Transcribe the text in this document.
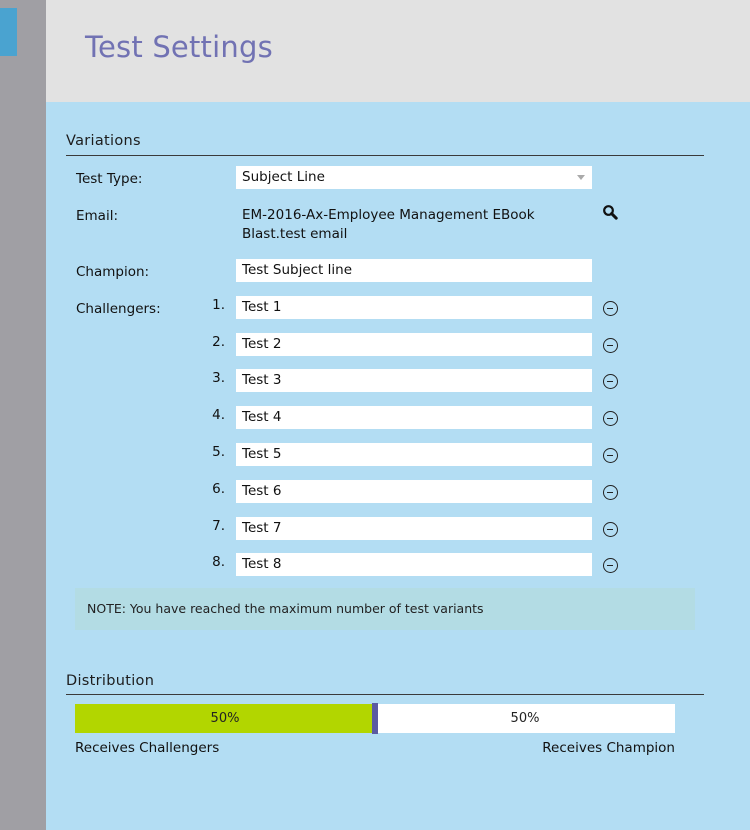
Test Settings
Variations
Test Type:	Subject Line
Email:	EM-2016-Ax-Employee Management EBook Blast.test email
Champion:	Test Subject line
Challengers:	1.	Test 1
2.	Test 2
3.	Test 3
4.	Test 4
5.	Test 5
6.	Test 6
7.	Test 7
8.	Test 8
NOTE: You have reached the maximum number of test variants
Distribution
50%	50%
Receives Challengers	Receives Champion
